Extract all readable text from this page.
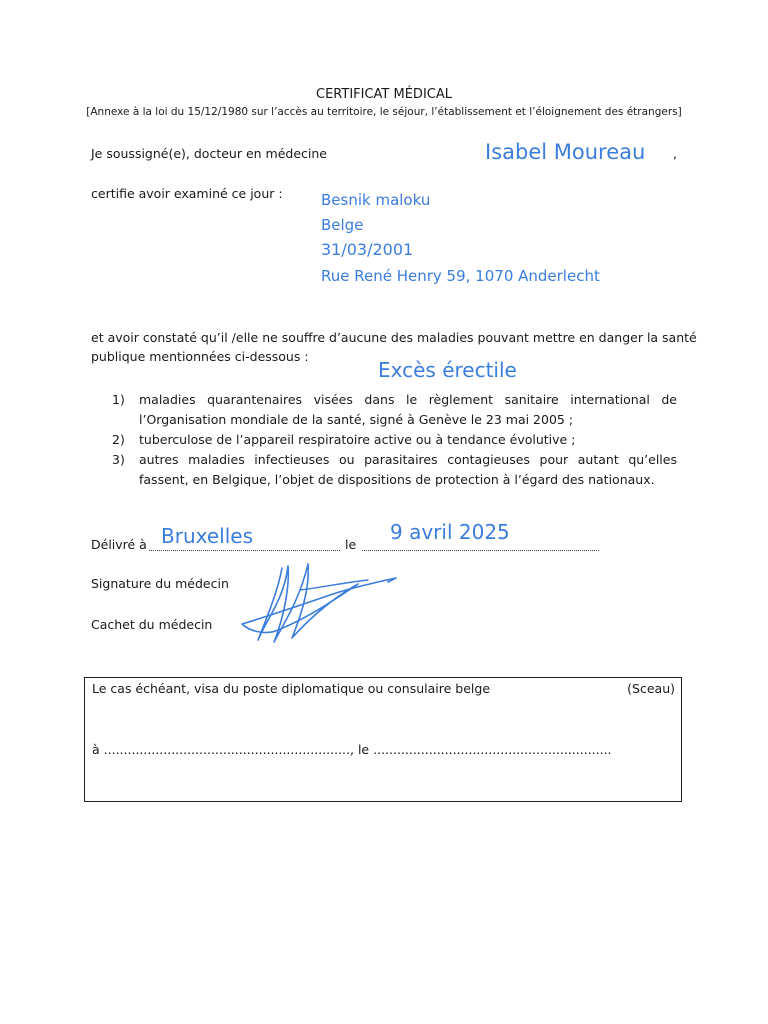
CERTIFICAT MÉDICAL
[Annexe à la loi du 15/12/1980 sur l’accès au territoire, le séjour, l’établissement et l’éloignement des étrangers]
Je soussigné(e), docteur en médecine	Isabel Moureau ,
certifie avoir examiné ce jour :	Besnik maloku
Belge
31/03/2001
Rue René Henry 59, 1070 Anderlecht
et avoir constaté qu’il /elle ne souffre d’aucune des maladies pouvant mettre en danger la santé
publique mentionnées ci-dessous :
Excès érectile
1)	maladies quarantenaires visées dans le règlement sanitaire international de l’Organisation mondiale de la santé, signé à Genève le 23 mai 2005 ;
2)	tuberculose de l’appareil respiratoire active ou à tendance évolutive ;
3)	autres maladies infectieuses ou parasitaires contagieuses pour autant qu’elles fassent, en Belgique, l’objet de dispositions de protection à l’égard des nationaux.
Délivré à Bruxelles	le
9 avril 2025
Signature du médecin
Cachet du médecin
Le cas échéant, visa du poste diplomatique ou consulaire belge	(Sceau)
à .............................................................., le ............................................................
